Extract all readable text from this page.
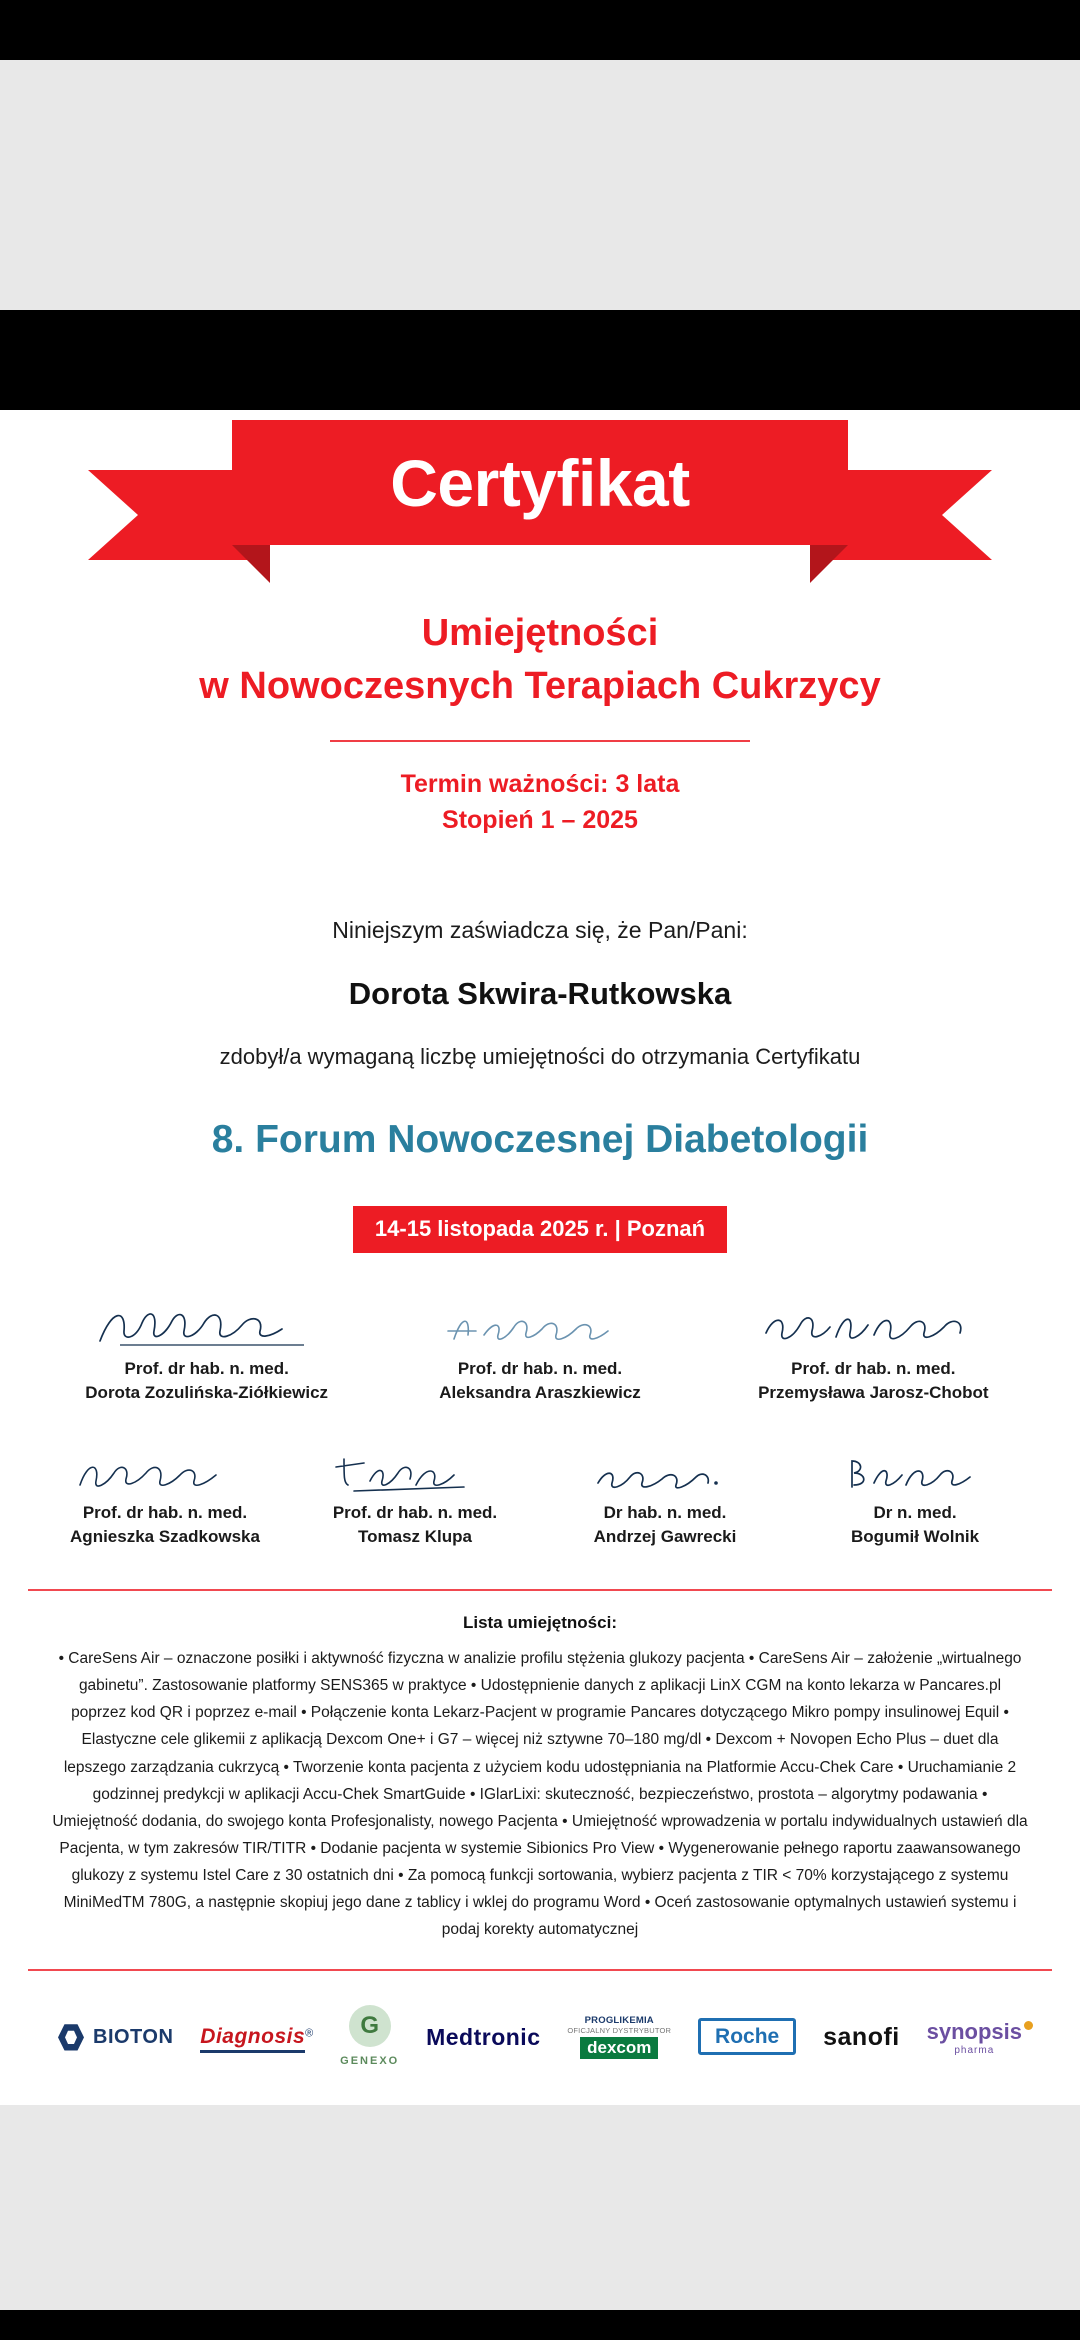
Certyfikat
Umiejętności
w Nowoczesnych Terapiach Cukrzycy
Termin ważności: 3 lata
Stopień 1 – 2025
Niniejszym zaświadcza się, że Pan/Pani:
Dorota Skwira-Rutkowska
zdobył/a wymaganą liczbę umiejętności do otrzymania Certyfikatu
8. Forum Nowoczesnej Diabetologii
14-15 listopada 2025 r. | Poznań
Prof. dr hab. n. med.
Dorota Zozulińska-Ziółkiewicz
Prof. dr hab. n. med.
Aleksandra Araszkiewicz
Prof. dr hab. n. med.
Przemysława Jarosz-Chobot
Prof. dr hab. n. med.
Agnieszka Szadkowska
Prof. dr hab. n. med.
Tomasz Klupa
Dr hab. n. med.
Andrzej Gawrecki
Dr n. med.
Bogumił Wolnik
Lista umiejętności:
• CareSens Air – oznaczone posiłki i aktywność fizyczna w analizie profilu stężenia glukozy pacjenta • CareSens Air – założenie „wirtualnego gabinetu”. Zastosowanie platformy SENS365 w praktyce • Udostępnienie danych z aplikacji LinX CGM na konto lekarza w Pancares.pl poprzez kod QR i poprzez e-mail • Połączenie konta Lekarz-Pacjent w programie Pancares dotyczącego Mikro pompy insulinowej Equil • Elastyczne cele glikemii z aplikacją Dexcom One+ i G7 – więcej niż sztywne 70–180 mg/dl • Dexcom + Novopen Echo Plus – duet dla lepszego zarządzania cukrzycą • Tworzenie konta pacjenta z użyciem kodu udostępniania na Platformie Accu-Chek Care • Uruchamianie 2 godzinnej predykcji w aplikacji Accu-Chek SmartGuide • IGlarLixi: skuteczność, bezpieczeństwo, prostota – algorytmy podawania • Umiejętność dodania, do swojego konta Profesjonalisty, nowego Pacjenta • Umiejętność wprowadzenia w portalu indywidualnych ustawień dla Pacjenta, w tym zakresów TIR/TITR • Dodanie pacjenta w systemie Sibionics Pro View • Wygenerowanie pełnego raportu zaawansowanego glukozy z systemu Istel Care z 30 ostatnich dni • Za pomocą funkcji sortowania, wybierz pacjenta z TIR < 70% korzystającego z systemu MiniMedTM 780G, a następnie skopiuj jego dane z tablicy i wklej do programu Word • Oceń zastosowanie optymalnych ustawień systemu i podaj korekty automatycznej
BIOTON Diagnosis®	G
GENEXO
Medtronic
PROGLIKEMIA
OFICJALNY DYSTRYBUTOR
dexcom	Roche	sanofi synopsis
pharma
